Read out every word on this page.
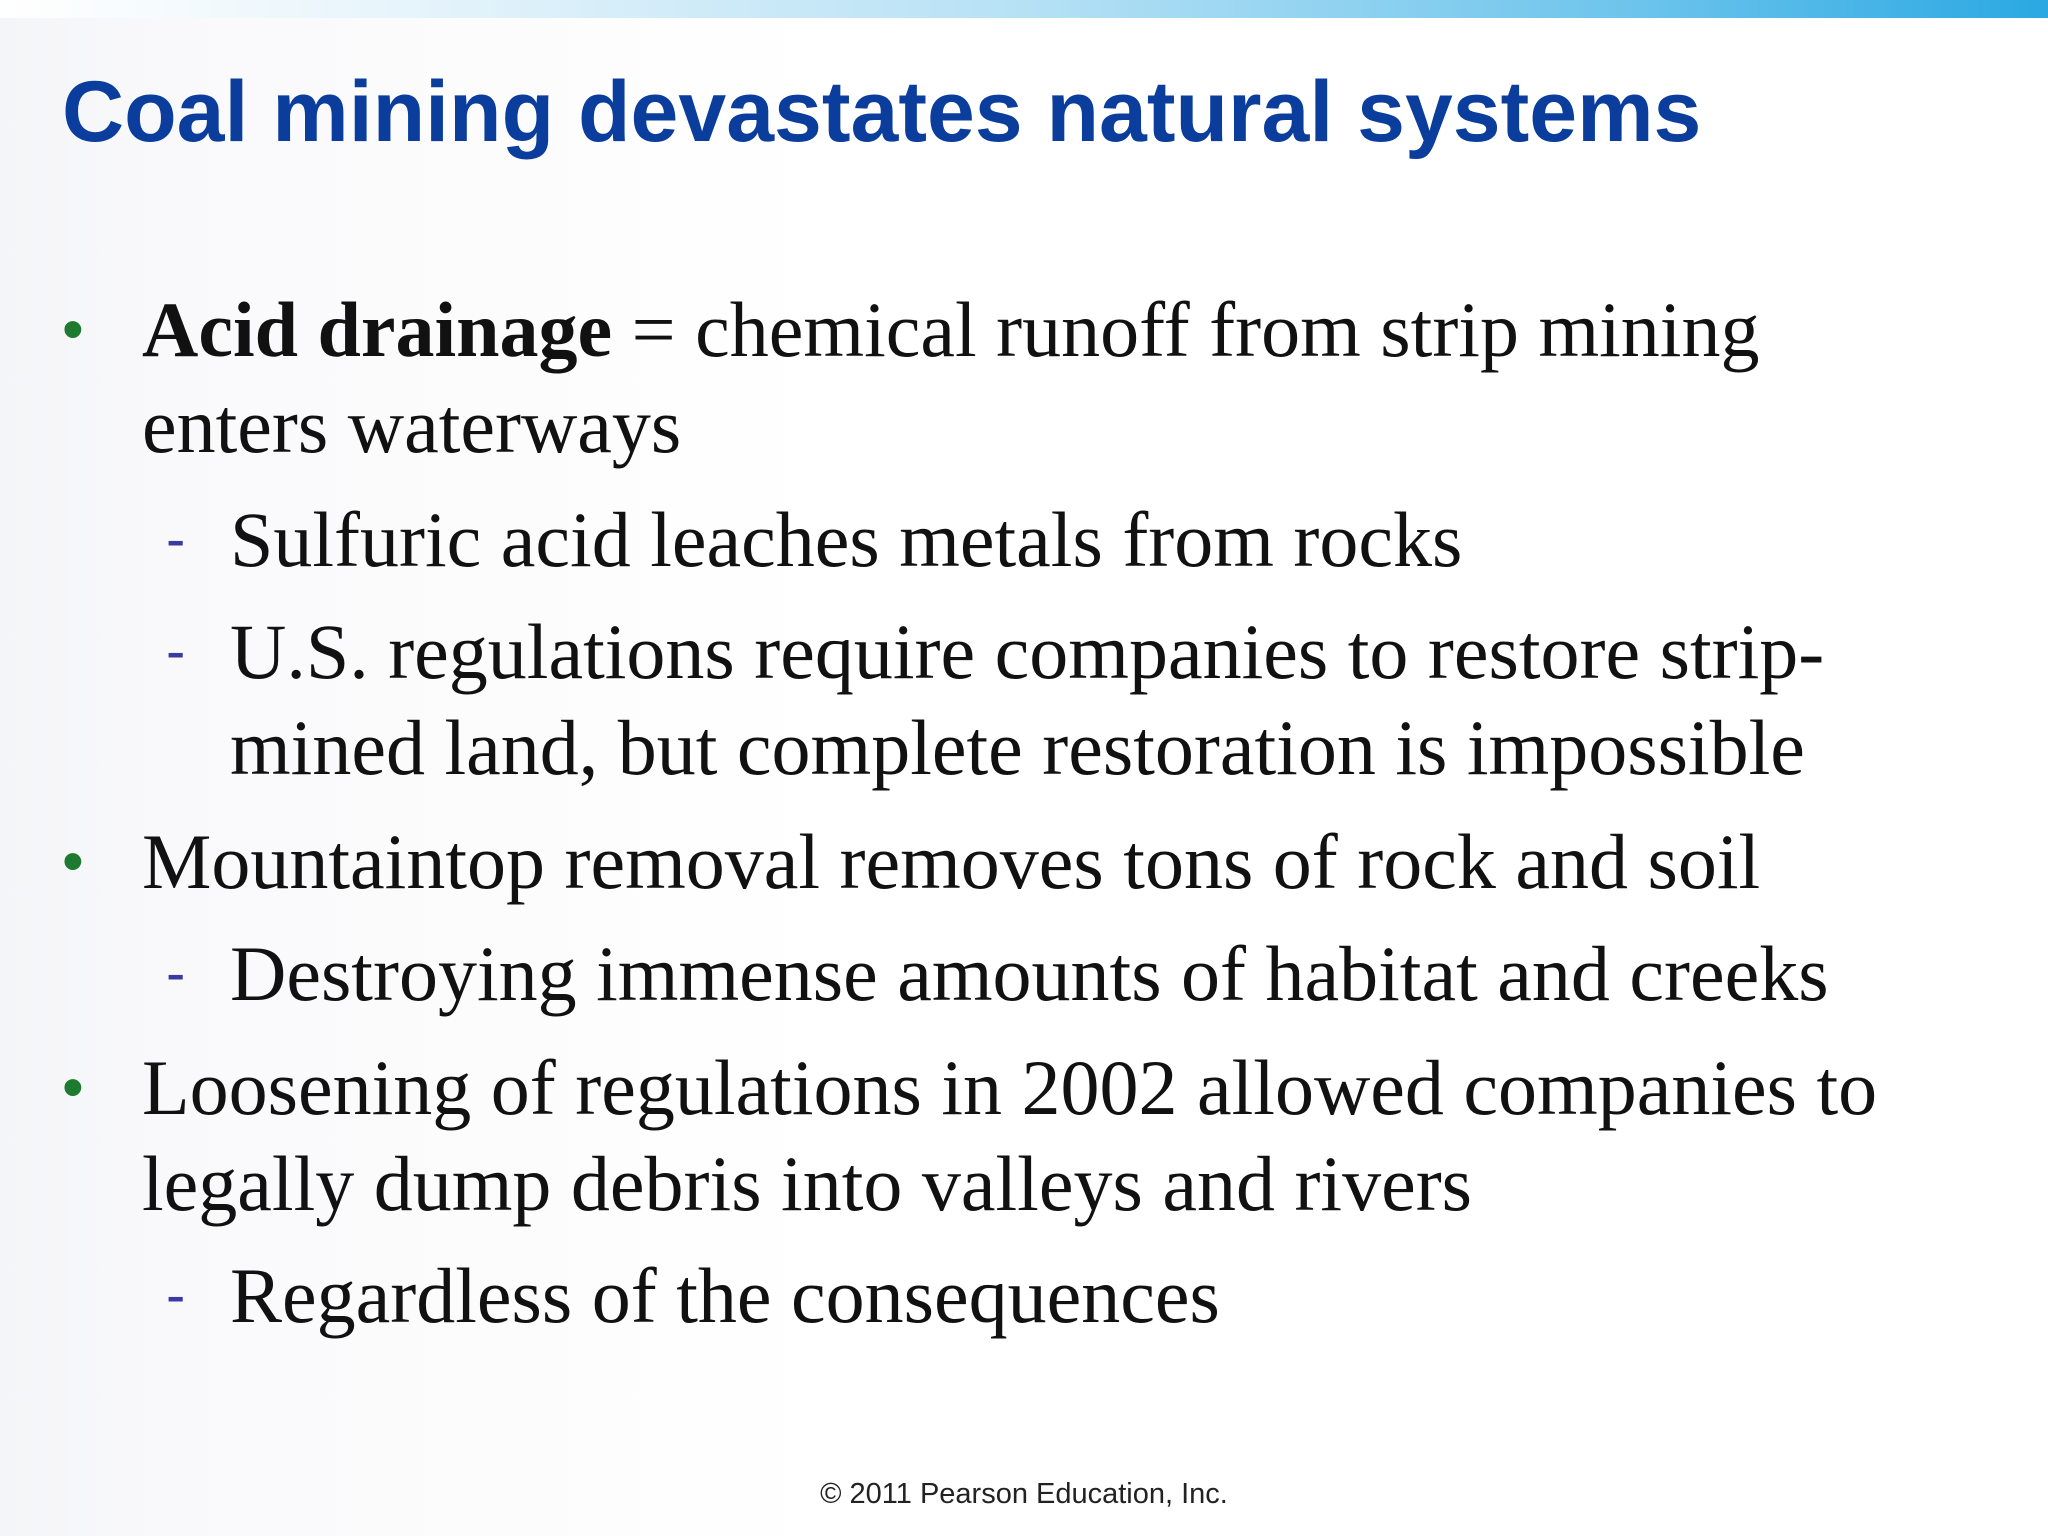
Coal mining devastates natural systems
• Acid drainage = chemical runoff from strip mining
enters waterways
- Sulfuric acid leaches metals from rocks
- U.S. regulations require companies to restore strip-
mined land, but complete restoration is impossible
• Mountaintop removal removes tons of rock and soil
- Destroying immense amounts of habitat and creeks
• Loosening of regulations in 2002 allowed companies to
legally dump debris into valleys and rivers
- Regardless of the consequences
© 2011 Pearson Education, Inc.
